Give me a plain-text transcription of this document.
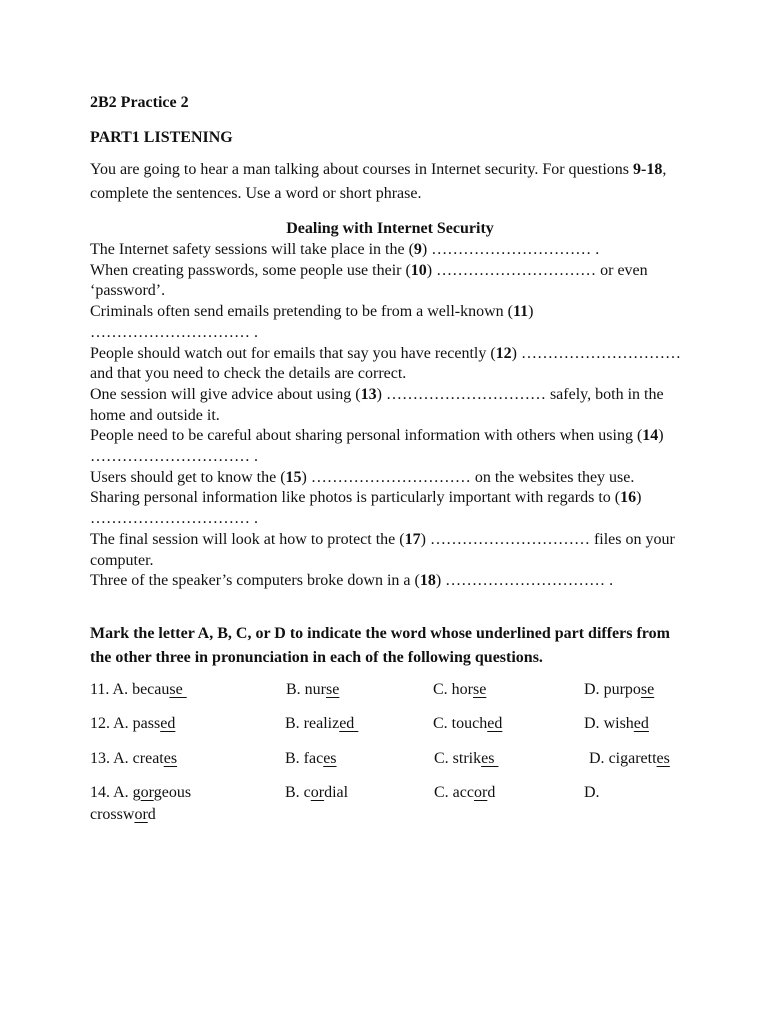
2B2 Practice 2
PART1 LISTENING
You are going to hear a man talking about courses in Internet security. For questions 9-18, complete the sentences. Use a word or short phrase.
Dealing with Internet Security
The Internet safety sessions will take place in the (9) ………………………… .
When creating passwords, some people use their (10) ………………………… or even ‘password’.
Criminals often send emails pretending to be from a well-known (11) ………………………… .
People should watch out for emails that say you have recently (12) ………………………… and that you need to check the details are correct.
One session will give advice about using (13) ………………………… safely, both in the home and outside it.
People need to be careful about sharing personal information with others when using (14) ………………………… .
Users should get to know the (15) ………………………… on the websites they use.
Sharing personal information like photos is particularly important with regards to (16) ………………………… .
The final session will look at how to protect the (17) ………………………… files on your computer.
Three of the speaker’s computers broke down in a (18) ………………………… .
Mark the letter A, B, C, or D to indicate the word whose underlined part differs from the other three in pronunciation in each of the following questions.
11. A. because	B. nurse	C. horse	D. purpose
12. A. passed	B. realized	C. touched	D. wished
13. A. creates	B. faces	C. strikes	D. cigarettes
14. A. gorgeous	B. cordial	C. accord	D.
crossword
